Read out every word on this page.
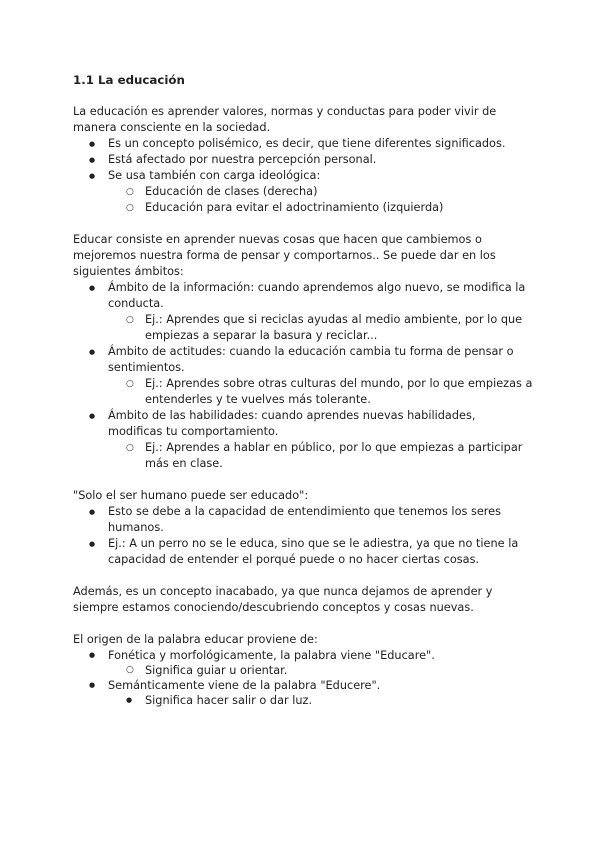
1.1 La educación

La educación es aprender valores, normas y conductas para poder vivir de manera consciente en la sociedad.

● Es un concepto polisémico, es decir, que tiene diferentes significados.
● Está afectado por nuestra percepción personal.
● Se usa también con carga ideológica:
○ Educación de clases (derecha)
○ Educación para evitar el adoctrinamiento (izquierda)

Educar consiste en aprender nuevas cosas que hacen que cambiemos o mejoremos nuestra forma de pensar y comportarnos.. Se puede dar en los siguientes ámbitos:

● Ámbito de la información: cuando aprendemos algo nuevo, se modifica la conducta.
○ Ej.: Aprendes que si reciclas ayudas al medio ambiente, por lo que empiezas a separar la basura y reciclar...
● Ámbito de actitudes: cuando la educación cambia tu forma de pensar o sentimientos.
○ Ej.: Aprendes sobre otras culturas del mundo, por lo que empiezas a entenderles y te vuelves más tolerante.
● Ámbito de las habilidades: cuando aprendes nuevas habilidades, modificas tu comportamiento.
○ Ej.: Aprendes a hablar en público, por lo que empiezas a participar más en clase.

"Solo el ser humano puede ser educado":

● Esto se debe a la capacidad de entendimiento que tenemos los seres humanos.
● Ej.: A un perro no se le educa, sino que se le adiestra, ya que no tiene la capacidad de entender el porqué puede o no hacer ciertas cosas.

Además, es un concepto inacabado, ya que nunca dejamos de aprender y siempre estamos conociendo/descubriendo conceptos y cosas nuevas.

El origen de la palabra educar proviene de:

● Fonética y morfológicamente, la palabra viene "Educare".
○ Significa guiar u orientar.
● Semánticamente viene de la palabra "Educere".
● Significa hacer salir o dar luz.
